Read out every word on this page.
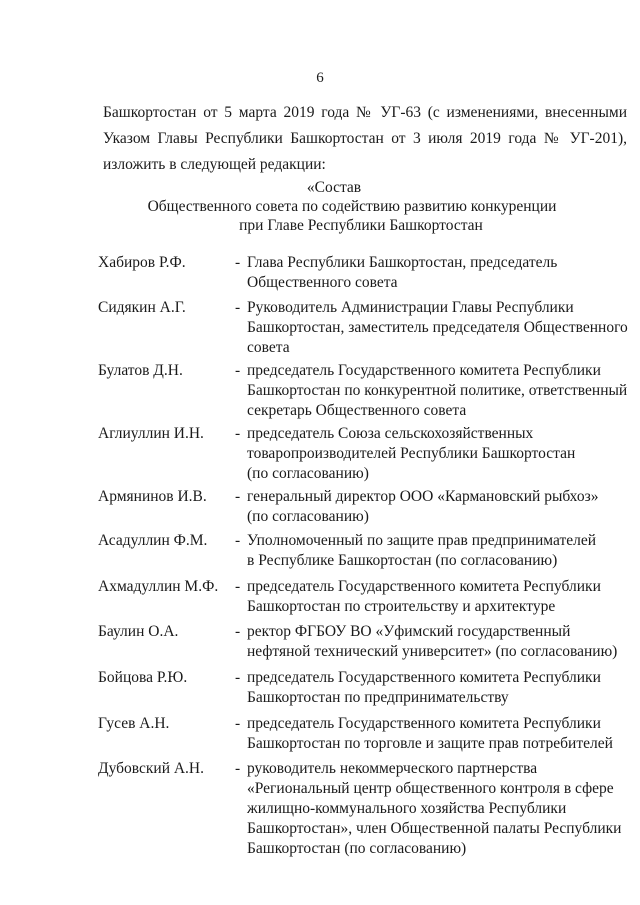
6
Башкортостан от 5 марта 2019 года № УГ-63 (с изменениями, внесенными
Указом Главы Республики Башкортостан от 3 июля 2019 года № УГ-201),
изложить в следующей редакции:
«Состав
Общественного совета по содействию развитию конкуренции
при Главе Республики Башкортостан
Хабиров Р.Ф.	- Глава Республики Башкортостан, председатель
Общественного совета
Сидякин А.Г.	- Руководитель Администрации Главы Республики
Башкортостан, заместитель председателя Общественного
совета
Булатов Д.Н.	- председатель Государственного комитета Республики
Башкортостан по конкурентной политике, ответственный
секретарь Общественного совета
Аглиуллин И.Н. - председатель Союза сельскохозяйственных
товаропроизводителей Республики Башкортостан
(по согласованию)
Армянинов И.В. - генеральный директор ООО «Кармановский рыбхоз»
(по согласованию)
Асадуллин Ф.М. - Уполномоченный по защите прав предпринимателей
в Республике Башкортостан (по согласованию)
Ахмадуллин М.Ф. - председатель Государственного комитета Республики
Башкортостан по строительству и архитектуре
Баулин О.А.	- ректор ФГБОУ ВО «Уфимский государственный
нефтяной технический университет» (по согласованию)
Бойцова Р.Ю.	- председатель Государственного комитета Республики
Башкортостан по предпринимательству
Гусев А.Н.	- председатель Государственного комитета Республики
Башкортостан по торговле и защите прав потребителей
Дубовский А.Н. - руководитель некоммерческого партнерства
«Региональный центр общественного контроля в сфере
жилищно-коммунального хозяйства Республики
Башкортостан», член Общественной палаты Республики
Башкортостан (по согласованию)
